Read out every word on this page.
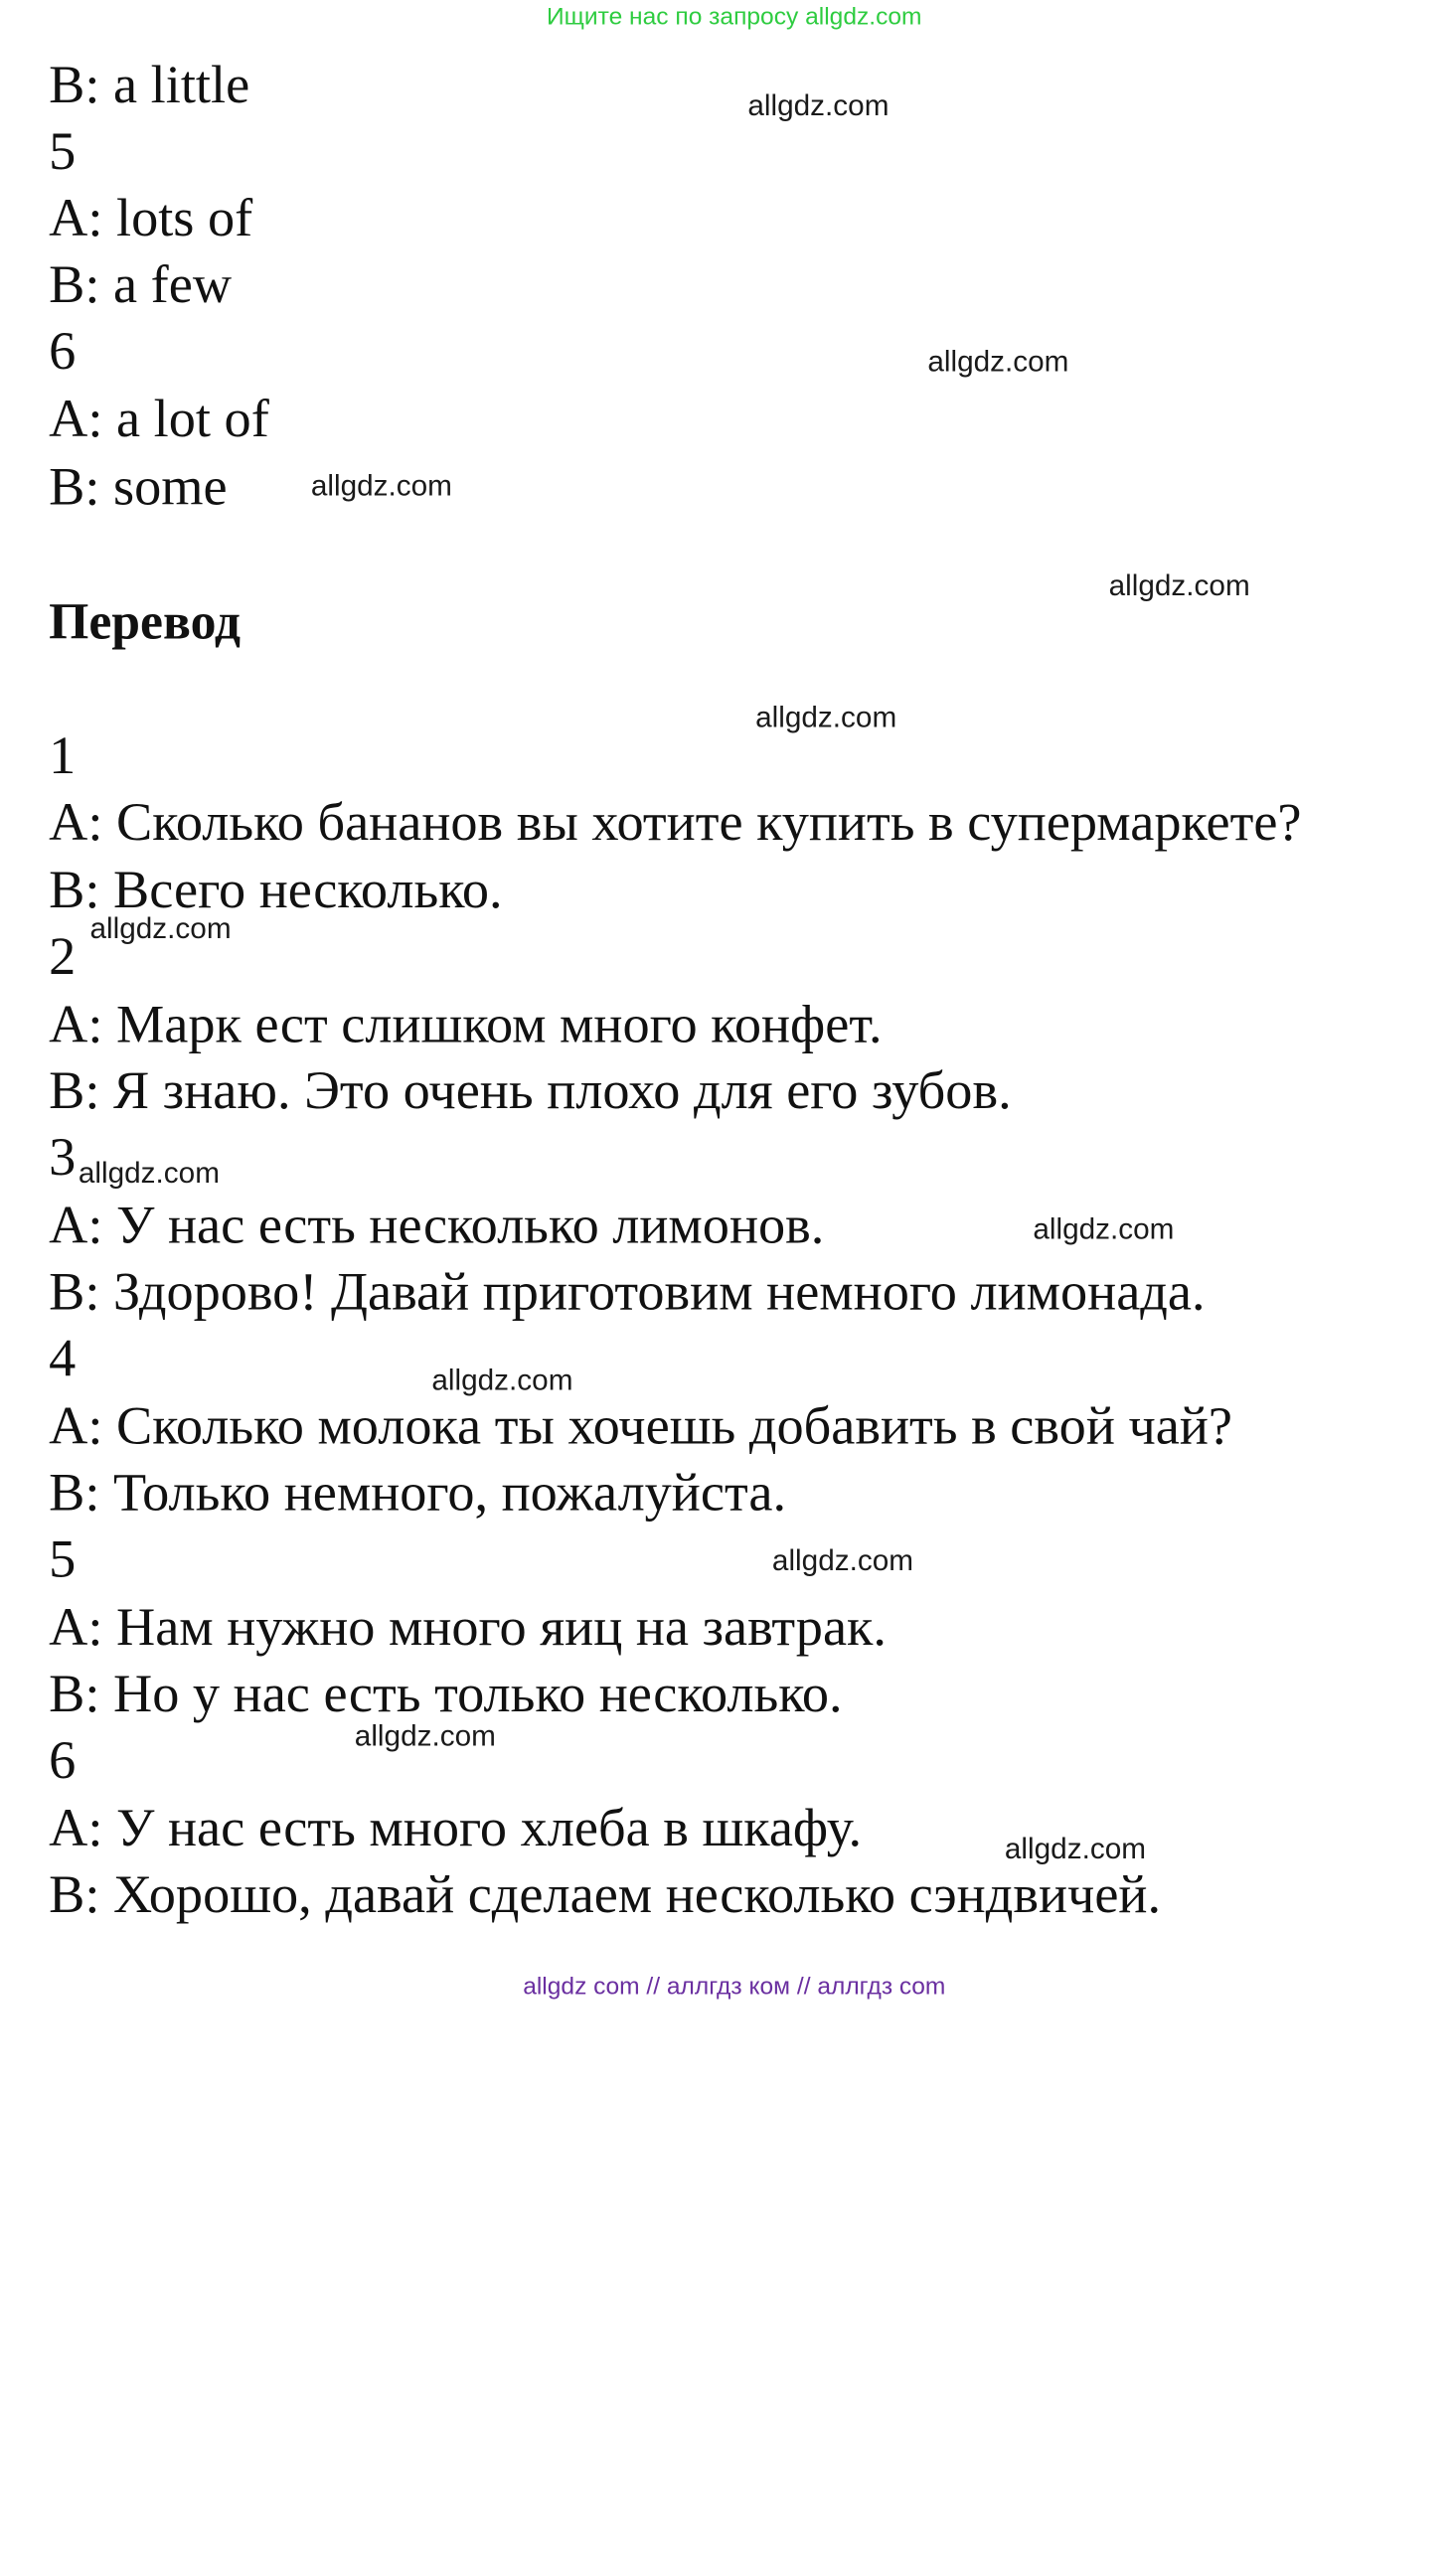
Ищите нас по запросу allgdz.com
B: a little
5
A: lots of
B: a few
6
A: a lot of
B: some
Перевод
1
A: Сколько бананов вы хотите купить в супермаркете?
B: Всего несколько.
2
A: Марк ест слишком много конфет.
B: Я знаю. Это очень плохо для его зубов.
3
A: У нас есть несколько лимонов.
B: Здорово! Давай приготовим немного лимонада.
4
A: Сколько молока ты хочешь добавить в свой чай?
B: Только немного, пожалуйста.
5
A: Нам нужно много яиц на завтрак.
B: Но у нас есть только несколько.
6
A: У нас есть много хлеба в шкафу.
B: Хорошо, давай сделаем несколько сэндвичей.
allgdz.com
allgdz.com
allgdz.com
allgdz.com
allgdz.com
allgdz.com
allgdz.com
allgdz.com
allgdz.com
allgdz.com
allgdz.com
allgdz.com
allgdz com // аллгдз ком // аллгдз com
